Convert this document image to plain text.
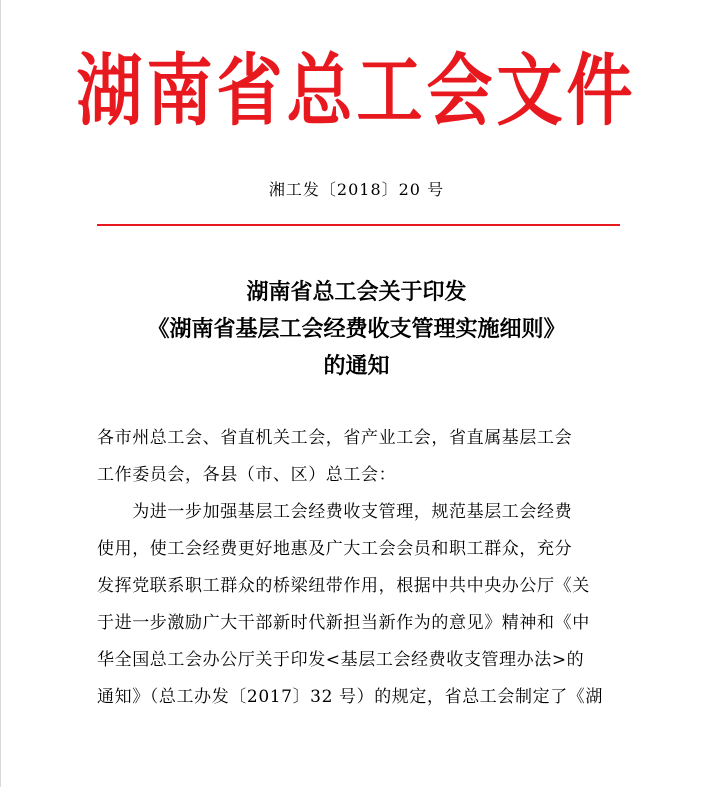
湖南省总工会文件
湘工发〔2018〕20 号
湖南省总工会关于印发
《湖南省基层工会经费收支管理实施细则》
的通知
各市州总工会、省直机关工会，省产业工会，省直属基层工会
工作委员会，各县（市、区）总工会：
　　为进一步加强基层工会经费收支管理，规范基层工会经费
使用，使工会经费更好地惠及广大工会会员和职工群众，充分
发挥党联系职工群众的桥梁纽带作用，根据中共中央办公厅《关
于进一步激励广大干部新时代新担当新作为的意见》精神和《中
华全国总工会办公厅关于印发<基层工会经费收支管理办法>的
通知》（总工办发〔2017〕32 号）的规定，省总工会制定了《湖
